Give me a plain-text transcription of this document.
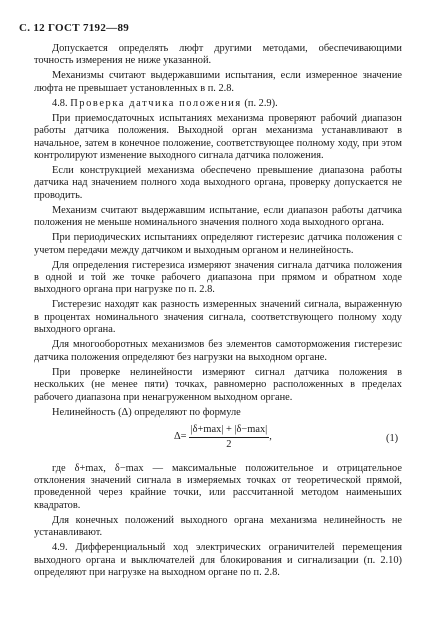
С. 12 ГОСТ 7192—89

Допускается определять люфт другими методами, обеспечивающими точность измерения не ниже указанной.

Механизмы считают выдержавшими испытания, если измеренное значение люфта не превышает установленных в п. 2.8.

4.8. Проверка датчика положения (п. 2.9).

При приемосдаточных испытаниях механизма проверяют рабочий диапазон работы датчика положения. Выходной орган механизма устанавливают в начальное, затем в конечное положение, соответствующее полному ходу, при этом контролируют изменение выходного сигнала датчика положения.

Если конструкцией механизма обеспечено превышение диапазона работы датчика над значением полного хода выходного органа, проверку допускается не проводить.

Механизм считают выдержавшим испытание, если диапазон работы датчика положения не меньше номинального значения полного хода выходного органа.

При периодических испытаниях определяют гистерезис датчика положения с учетом передачи между датчиком и выходным органом и нелинейность.

Для определения гистерезиса измеряют значения сигнала датчика положения в одной и той же точке рабочего диапазона при прямом и обратном ходе выходного органа при нагрузке по п. 2.8.

Гистерезис находят как разность измеренных значений сигнала, выраженную в процентах номинального значения сигнала, соответствующего полному ходу выходного органа.

Для многооборотных механизмов без элементов самоторможения гистерезис датчика положения определяют без нагрузки на выходном органе.

При проверке нелинейности измеряют сигнал датчика положения в нескольких (не менее пяти) точках, равномерно расположенных в пределах рабочего диапазона при ненагруженном выходном органе.

Нелинейность (Δ) определяют по формуле

$\Delta= \frac{|\delta+\max| + |\delta-\max|}{2}$ ,	(1)

где δ+max, δ−max — максимальные положительное и отрицательное отклонения значений сигнала в измеряемых точках от теоретической прямой, проведенной через крайние точки, или рассчитанной методом наименьших квадратов.

Для конечных положений выходного органа механизма нелинейность не устанавливают.

4.9. Дифференциальный ход электрических ограничителей перемещения выходного органа и выключателей для блокирования и сигнализации (п. 2.10) определяют при нагрузке на выходном органе по п. 2.8.
